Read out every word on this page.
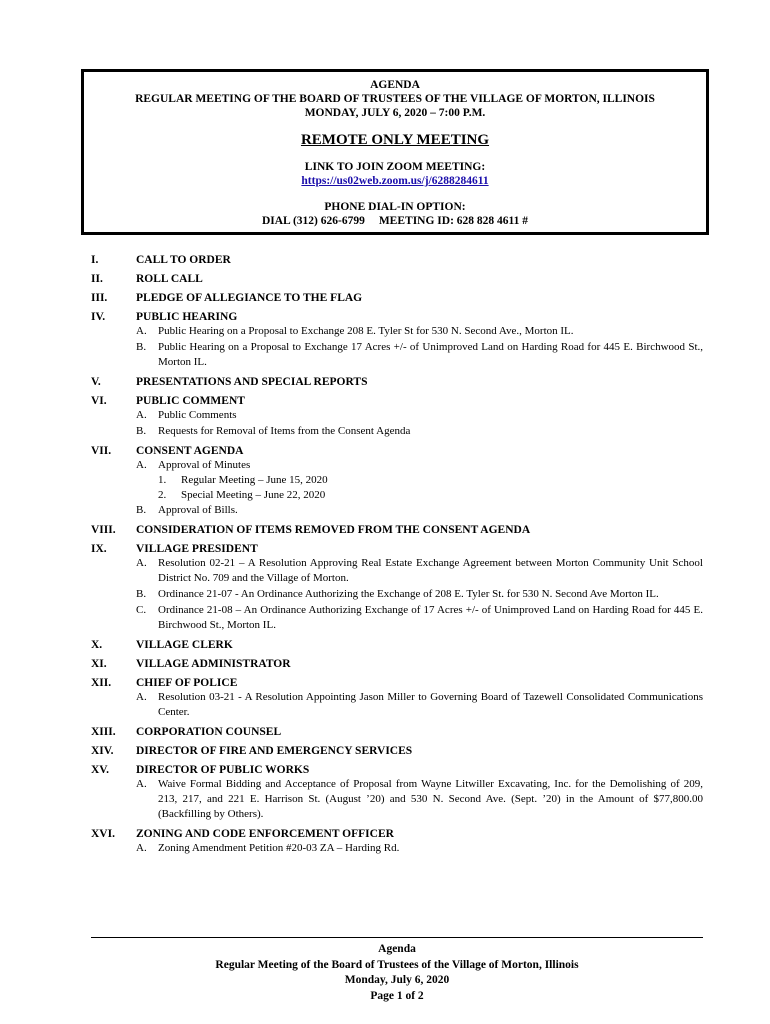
AGENDA
REGULAR MEETING OF THE BOARD OF TRUSTEES OF THE VILLAGE OF MORTON, ILLINOIS
MONDAY, JULY 6, 2020 – 7:00 P.M.
REMOTE ONLY MEETING
LINK TO JOIN ZOOM MEETING:
https://us02web.zoom.us/j/6288284611
PHONE DIAL-IN OPTION:
DIAL (312) 626-6799 MEETING ID: 628 828 4611 #
I.	CALL TO ORDER
II.	ROLL CALL
III.	PLEDGE OF ALLEGIANCE TO THE FLAG
IV.	PUBLIC HEARING
A.	Public Hearing on a Proposal to Exchange 208 E. Tyler St for 530 N. Second Ave., Morton IL.
B.	Public Hearing on a Proposal to Exchange 17 Acres +/- of Unimproved Land on Harding Road for 445 E. Birchwood St., Morton IL.
V.	PRESENTATIONS AND SPECIAL REPORTS
VI.	PUBLIC COMMENT
A.	Public Comments
B.	Requests for Removal of Items from the Consent Agenda
VII.	CONSENT AGENDA
A.	Approval of Minutes
1.	Regular Meeting – June 15, 2020
2.	Special Meeting – June 22, 2020
B.	Approval of Bills.
VIII.	CONSIDERATION OF ITEMS REMOVED FROM THE CONSENT AGENDA
IX.	VILLAGE PRESIDENT
A.	Resolution 02-21 – A Resolution Approving Real Estate Exchange Agreement between Morton Community Unit School District No. 709 and the Village of Morton.
B.	Ordinance 21-07 - An Ordinance Authorizing the Exchange of 208 E. Tyler St. for 530 N. Second Ave Morton IL.
C.	Ordinance 21-08 – An Ordinance Authorizing Exchange of 17 Acres +/- of Unimproved Land on Harding Road for 445 E. Birchwood St., Morton IL.
X.	VILLAGE CLERK
XI.	VILLAGE ADMINISTRATOR
XII.	CHIEF OF POLICE
A.	Resolution 03-21 - A Resolution Appointing Jason Miller to Governing Board of Tazewell Consolidated Communications Center.
XIII.	CORPORATION COUNSEL
XIV.	DIRECTOR OF FIRE AND EMERGENCY SERVICES
XV.	DIRECTOR OF PUBLIC WORKS
A.	Waive Formal Bidding and Acceptance of Proposal from Wayne Litwiller Excavating, Inc. for the Demolishing of 209, 213, 217, and 221 E. Harrison St. (August ’20) and 530 N. Second Ave. (Sept. ’20) in the Amount of $77,800.00 (Backfilling by Others).
XVI.	ZONING AND CODE ENFORCEMENT OFFICER
A.	Zoning Amendment Petition #20-03 ZA – Harding Rd.
Agenda
Regular Meeting of the Board of Trustees of the Village of Morton, Illinois
Monday, July 6, 2020
Page 1 of 2
